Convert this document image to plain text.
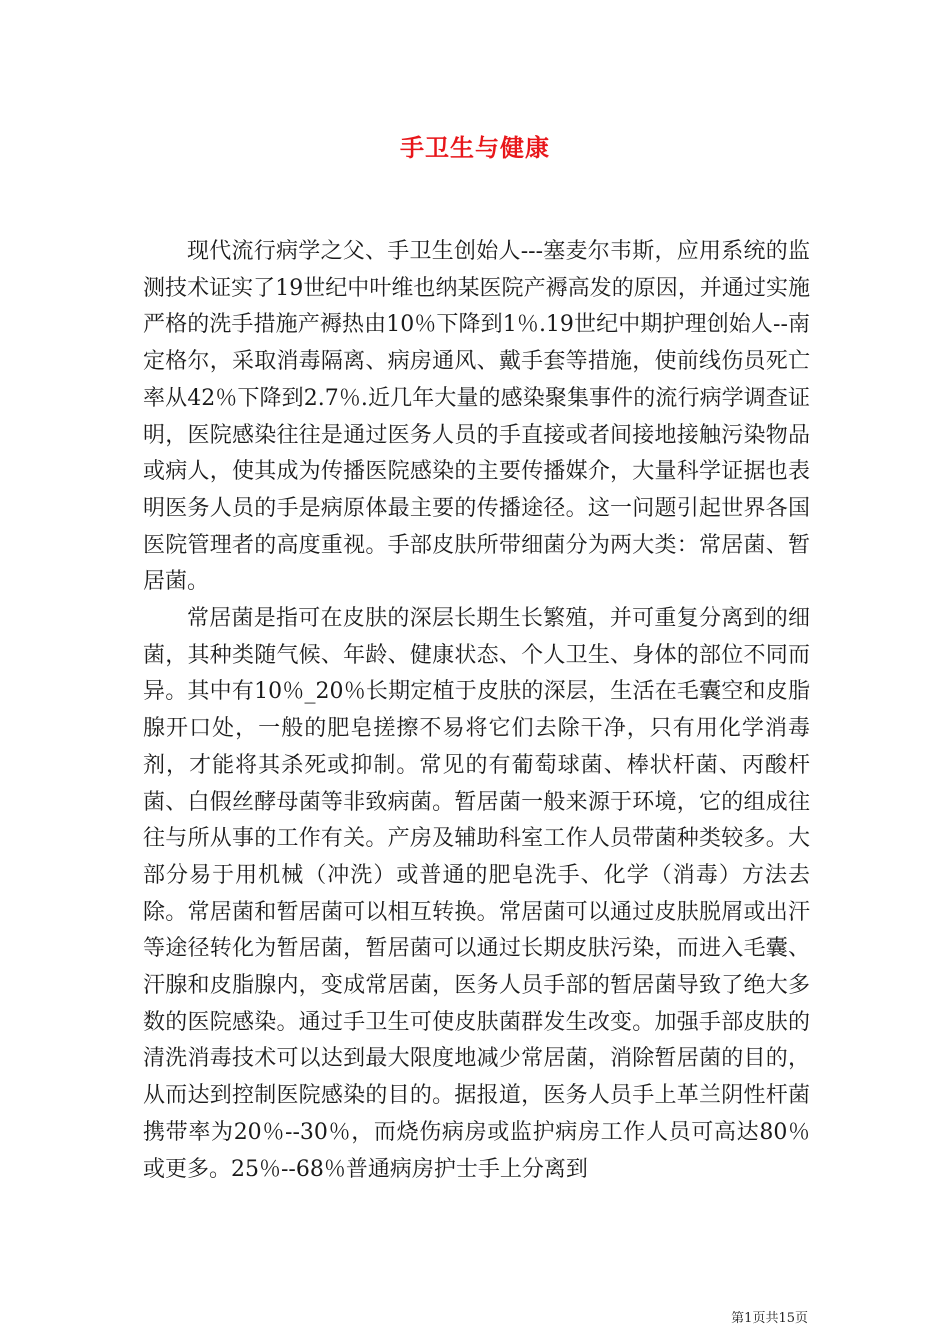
手卫生与健康

现代流行病学之父、手卫生创始人---塞麦尔韦斯，应用系统的监测技术证实了19世纪中叶维也纳某医院产褥高发的原因，并通过实施严格的洗手措施产褥热由10％下降到1％.19世纪中期护理创始人--南定格尔，采取消毒隔离、病房通风、戴手套等措施，使前线伤员死亡率从42％下降到2.7％.近几年大量的感染聚集事件的流行病学调查证明，医院感染往往是通过医务人员的手直接或者间接地接触污染物品或病人，使其成为传播医院感染的主要传播媒介，大量科学证据也表明医务人员的手是病原体最主要的传播途径。这一问题引起世界各国医院管理者的高度重视。手部皮肤所带细菌分为两大类：常居菌、暂居菌。

常居菌是指可在皮肤的深层长期生长繁殖，并可重复分离到的细菌，其种类随气候、年龄、健康状态、个人卫生、身体的部位不同而异。其中有10％_20％长期定植于皮肤的深层，生活在毛囊空和皮脂腺开口处，一般的肥皂搓擦不易将它们去除干净，只有用化学消毒剂，才能将其杀死或抑制。常见的有葡萄球菌、棒状杆菌、丙酸杆菌、白假丝酵母菌等非致病菌。暂居菌一般来源于环境，它的组成往往与所从事的工作有关。产房及辅助科室工作人员带菌种类较多。大部分易于用机械（冲洗）或普通的肥皂洗手、化学（消毒）方法去除。常居菌和暂居菌可以相互转换。常居菌可以通过皮肤脱屑或出汗等途径转化为暂居菌，暂居菌可以通过长期皮肤污染，而进入毛囊、汗腺和皮脂腺内，变成常居菌，医务人员手部的暂居菌导致了绝大多数的医院感染。通过手卫生可使皮肤菌群发生改变。加强手部皮肤的清洗消毒技术可以达到最大限度地减少常居菌，消除暂居菌的目的，从而达到控制医院感染的目的。据报道，医务人员手上革兰阴性杆菌携带率为20％--30％，而烧伤病房或监护病房工作人员可高达80％或更多。25％--68％普通病房护士手上分离到

第1页共15页
